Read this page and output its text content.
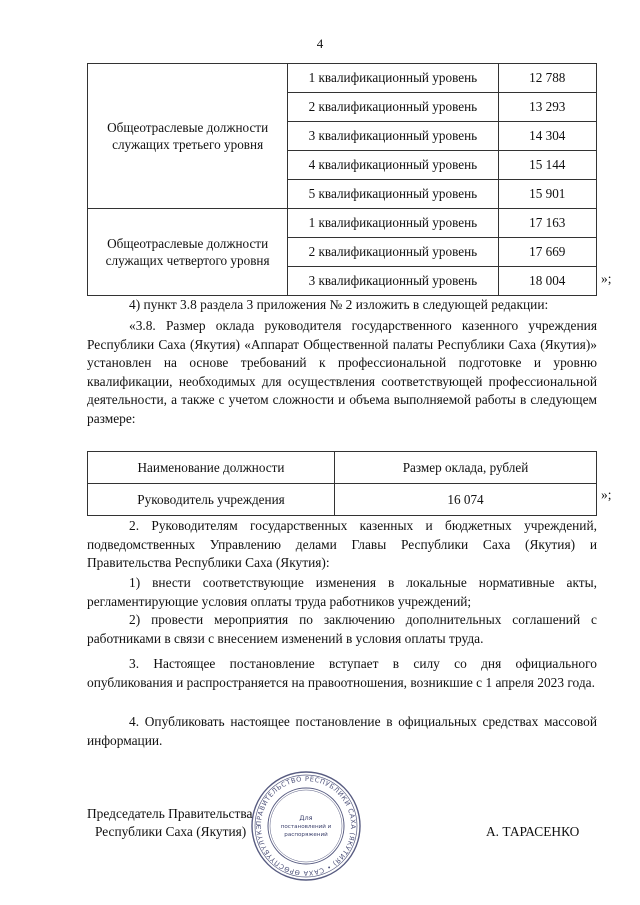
4
Общеотраслевые должности служащих третьего уровня	1 квалификационный уровень	12 788
	2 квалификационный уровень	13 293
	3 квалификационный уровень	14 304
	4 квалификационный уровень	15 144
	5 квалификационный уровень	15 901
Общеотраслевые должности служащих четвертого уровня	1 квалификационный уровень	17 163
	2 квалификационный уровень	17 669
	3 квалификационный уровень	18 004	»;

4) пункт 3.8 раздела 3 приложения № 2 изложить в следующей редакции:

«3.8. Размер оклада руководителя государственного казенного учреждения Республики Саха (Якутия) «Аппарат Общественной палаты Республики Саха (Якутия)» установлен на основе требований к профессиональной подготовке и уровню квалификации, необходимых для осуществления соответствующей профессиональной деятельности, а также с учетом сложности и объема выполняемой работы в следующем размере:

Наименование должности	Размер оклада, рублей
Руководитель учреждения	16 074	»;

2. Руководителям государственных казенных и бюджетных учреждений, подведомственных Управлению делами Главы Республики Саха (Якутия) и Правительства Республики Саха (Якутия):

1) внести соответствующие изменения в локальные нормативные акты, регламентирующие условия оплаты труда работников учреждений;

2) провести мероприятия по заключению дополнительных соглашений с работниками в связи с внесением изменений в условия оплаты труда.

3. Настоящее постановление вступает в силу со дня официального опубликования и распространяется на правоотношения, возникшие с 1 апреля 2023 года.

4. Опубликовать настоящее постановление в официальных средствах массовой информации.

Председатель Правительства
Республики Саха (Якутия)	А. ТАРАСЕНКО
ПРАВИТЕЛЬСТВО РЕСПУБЛИКИ САХА (ЯКУТИЯ) • САХА ӨРӨСПҮҮБҮЛҮКЭ
Для
постановлений и
распоряжений
